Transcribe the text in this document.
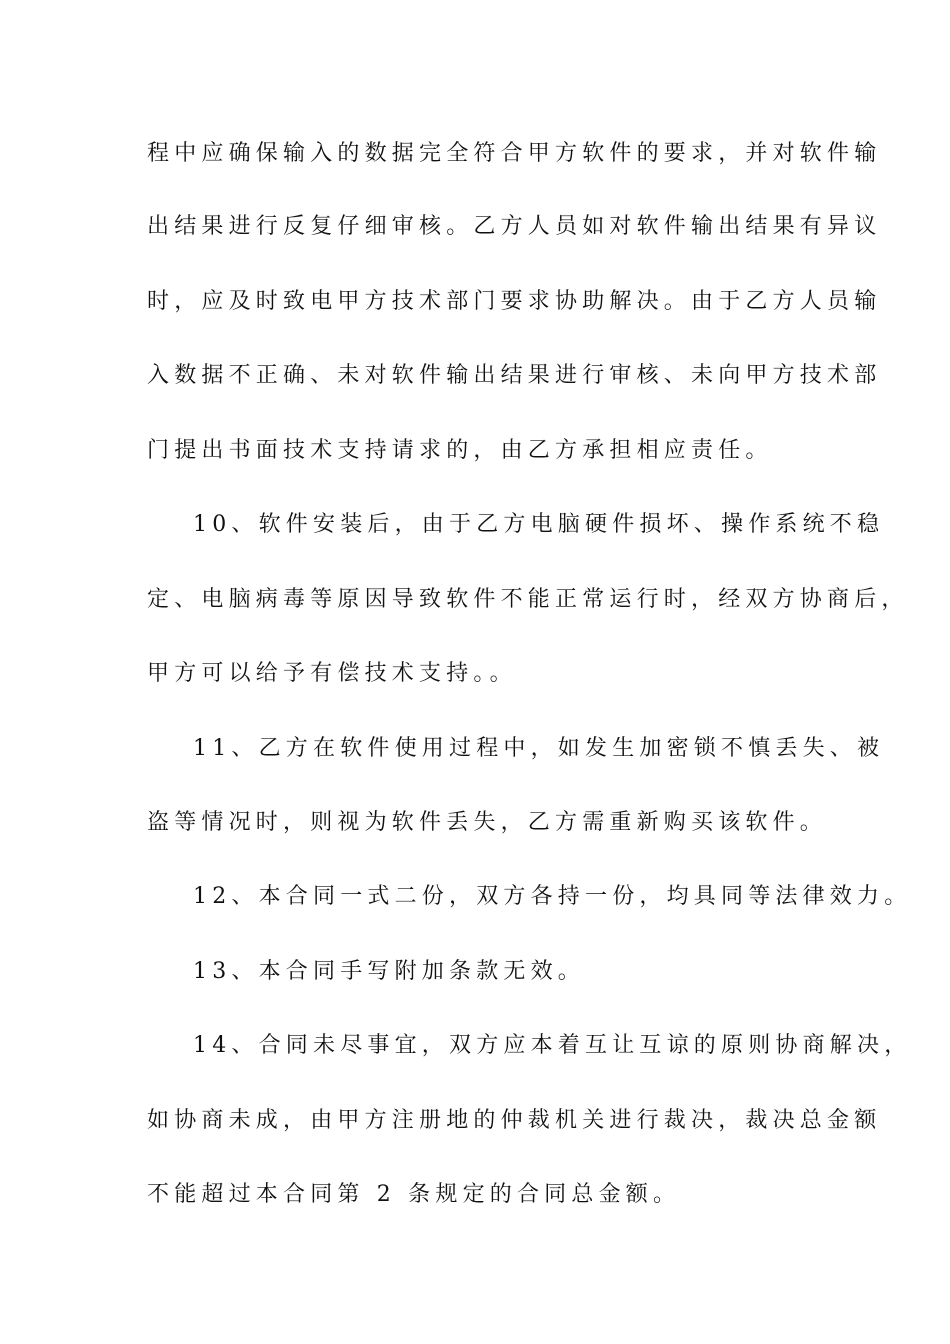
程中应确保输入的数据完全符合甲方软件的要求，并对软件输

出结果进行反复仔细审核。乙方人员如对软件输出结果有异议

时，应及时致电甲方技术部门要求协助解决。由于乙方人员输

入数据不正确、未对软件输出结果进行审核、未向甲方技术部

门提出书面技术支持请求的，由乙方承担相应责任。

10、软件安装后，由于乙方电脑硬件损坏、操作系统不稳

定、电脑病毒等原因导致软件不能正常运行时，经双方协商后，

甲方可以给予有偿技术支持。。

11、乙方在软件使用过程中，如发生加密锁不慎丢失、被

盗等情况时，则视为软件丢失，乙方需重新购买该软件。

12、本合同一式二份，双方各持一份，均具同等法律效力。

13、本合同手写附加条款无效。

14、合同未尽事宜，双方应本着互让互谅的原则协商解决，

如协商未成，由甲方注册地的仲裁机关进行裁决，裁决总金额

不能超过本合同第 2 条规定的合同总金额。
